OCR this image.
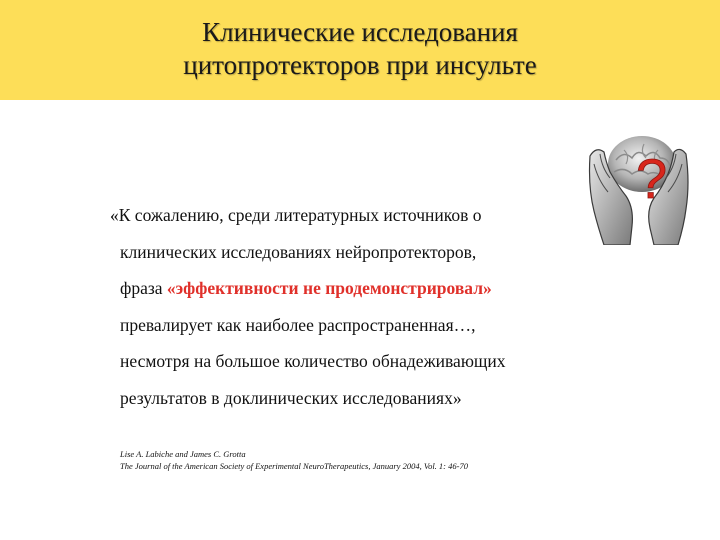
Клинические исследования
цитопротекторов при инсульте
?
«К сожалению, среди литературных источников о
клинических исследованиях нейропротекторов,
фраза «эффективности не продемонстрировал»
превалирует как наиболее распространенная…,
несмотря на большое количество обнадеживающих
результатов в доклинических исследованиях»
Lise A. Labiche and James C. Grotta
The Journal of the American Society of Experimental NeuroTherapeutics, January 2004, Vol. 1: 46-70
